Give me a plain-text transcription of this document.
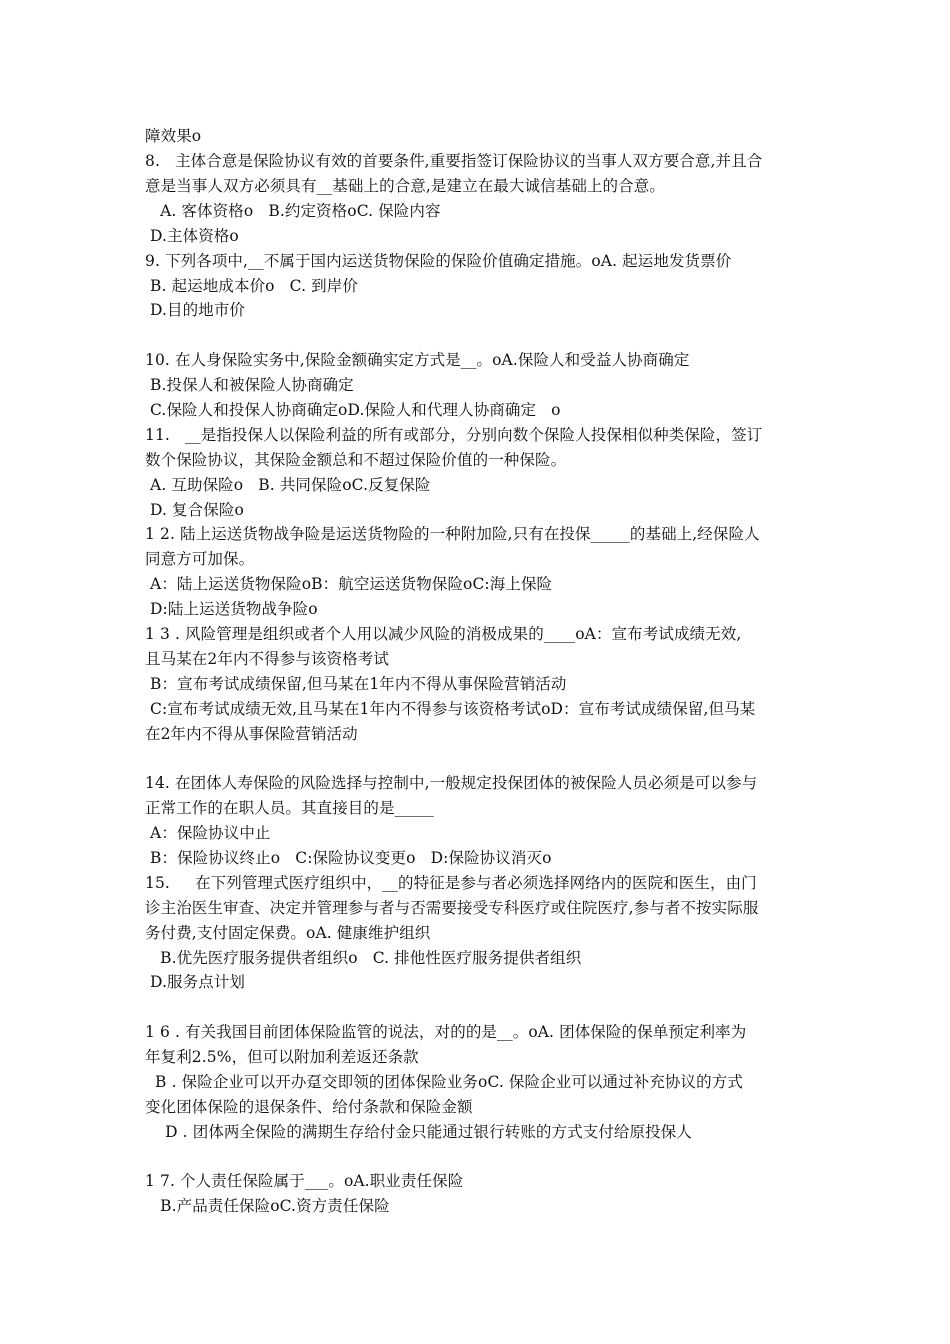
障效果o
8.   主体合意是保险协议有效的首要条件,重要指签订保险协议的当事人双方要合意,并且合
意是当事人双方必须具有__基础上的合意,是建立在最大诚信基础上的合意。
A. 客体资格o   B.约定资格oC. 保险内容
D.主体资格o
9. 下列各项中,__不属于国内运送货物保险的保险价值确定措施。oA. 起运地发货票价
B. 起运地成本价o   C. 到岸价
D.目的地市价
10. 在人身保险实务中,保险金额确实定方式是__。oA.保险人和受益人协商确定
B.投保人和被保险人协商确定
C.保险人和投保人协商确定oD.保险人和代理人协商确定   o
11.   __是指投保人以保险利益的所有或部分，分别向数个保险人投保相似种类保险，签订
数个保险协议，其保险金额总和不超过保险价值的一种保险。
A. 互助保险o   B. 共同保险oC.反复保险
D. 复合保险o
1 2. 陆上运送货物战争险是运送货物险的一种附加险,只有在投保_____的基础上,经保险人
同意方可加保。
A：陆上运送货物保险oB：航空运送货物保险oC:海上保险
D:陆上运送货物战争险o
1 3 . 风险管理是组织或者个人用以减少风险的消极成果的____oA：宣布考试成绩无效,
且马某在2年内不得参与该资格考试
B：宣布考试成绩保留,但马某在1年内不得从事保险营销活动
C:宣布考试成绩无效,且马某在1年内不得参与该资格考试oD：宣布考试成绩保留,但马某
在2年内不得从事保险营销活动
14. 在团体人寿保险的风险选择与控制中,一般规定投保团体的被保险人员必须是可以参与
正常工作的在职人员。其直接目的是_____
A：保险协议中止
B：保险协议终止o   C:保险协议变更o   D:保险协议消灭o
15.     在下列管理式医疗组织中，__的特征是参与者必须选择网络内的医院和医生，由门
诊主治医生审查、决定并管理参与者与否需要接受专科医疗或住院医疗,参与者不按实际服
务付费,支付固定保费。oA. 健康维护组织
B.优先医疗服务提供者组织o   C. 排他性医疗服务提供者组织
D.服务点计划
1 6 . 有关我国目前团体保险监管的说法，对的的是__。oA. 团体保险的保单预定利率为
年复利2.5%，但可以附加利差返还条款
B . 保险企业可以开办趸交即领的团体保险业务oC. 保险企业可以通过补充协议的方式
变化团体保险的退保条件、给付条款和保险金额
D . 团体两全保险的满期生存给付金只能通过银行转账的方式支付给原投保人
1 7. 个人责任保险属于___。oA.职业责任保险
B.产品责任保险oC.资方责任保险
